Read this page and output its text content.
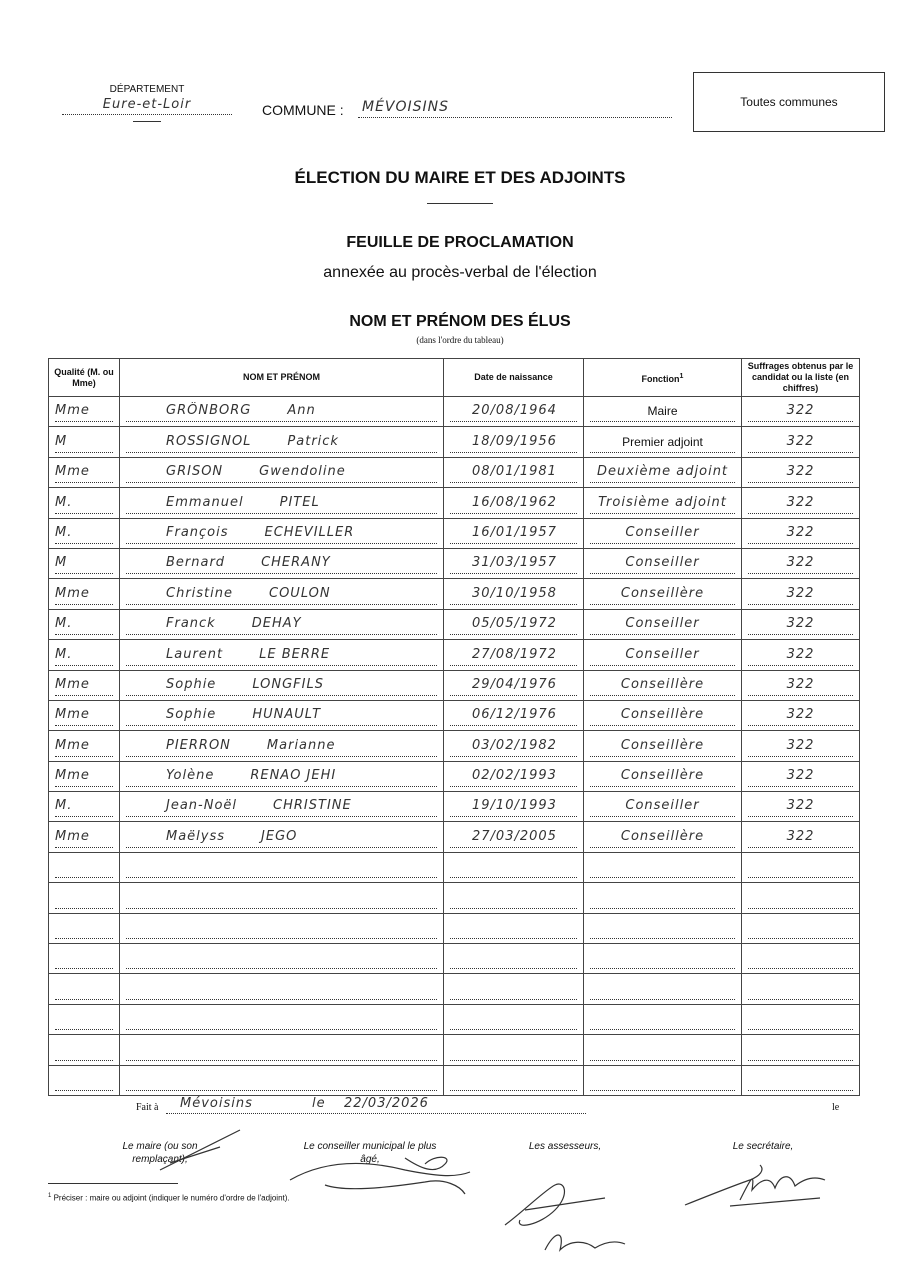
DÉPARTEMENT
Eure-et-Loir	COMMUNE : MÉVOISINS	Toutes communes
ÉLECTION DU MAIRE ET DES ADJOINTS
FEUILLE DE PROCLAMATION
annexée au procès-verbal de l'élection
NOM ET PRÉNOM DES ÉLUS
(dans l'ordre du tableau)
Qualité (M. ou Mme)	NOM ET PRÉNOM	Date de naissance	Fonction$^1$	Suffrages obtenus par le candidat ou la liste (en chiffres)

Mme	GRÖNBORG Ann	20/08/1964	Maire	322

M	ROSSIGNOL Patrick	18/09/1956	Premier adjoint	322

Mme	GRISON Gwendoline	08/01/1981	Deuxième adjoint	322

M.	Emmanuel PITEL	16/08/1962	Troisième adjoint	322

M.	François ECHEVILLER	16/01/1957	Conseiller	322

M	Bernard CHERANY	31/03/1957	Conseiller	322

Mme	Christine COULON	30/10/1958	Conseillère	322

M.	Franck DEHAY	05/05/1972	Conseiller	322

M.	Laurent LE BERRE	27/08/1972	Conseiller	322

Mme	Sophie LONGFILS	29/04/1976	Conseillère	322

Mme	Sophie HUNAULT	06/12/1976	Conseillère	322

Mme	PIERRON Marianne	03/02/1982	Conseillère	322

Mme	Yolène RENAO JEHI	02/02/1993	Conseillère	322

M.	Jean-Noël CHRISTINE	19/10/1993	Conseiller	322

Mme	Maëlyss JEGO	27/03/2005	Conseillère	322

Fait à Mévoisins	le 22/03/2026	le
Le maire (ou son remplaçant),
Le conseiller municipal le plus âgé,
Les assesseurs,	Le secrétaire,
$^1$ Préciser : maire ou adjoint (indiquer le numéro d'ordre de l'adjoint).
